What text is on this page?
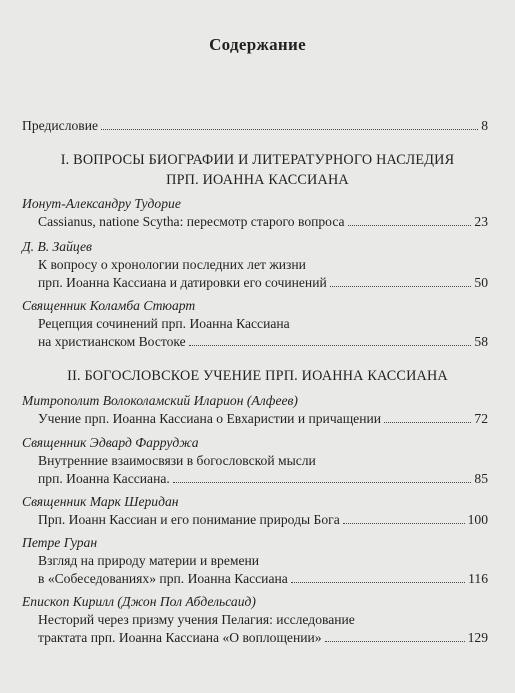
Содержание
Предисловие	8
I. ВОПРОСЫ БИОГРАФИИ И ЛИТЕРАТУРНОГО НАСЛЕДИЯ
ПРП. ИОАННА КАССИАНА
Ионут-Александру Тудорие
Cassianus, natione Scytha: пересмотр старого вопроса	23
Д. В. Зайцев
К вопросу о хронологии последних лет жизни
прп. Иоанна Кассиана и датировки его сочинений	50
Священник Коламба Стюарт
Рецепция сочинений прп. Иоанна Кассиана
на христианском Востоке	58
II. БОГОСЛОВСКОЕ УЧЕНИЕ ПРП. ИОАННА КАССИАНА
Митрополит Волоколамский Иларион (Алфеев)
Учение прп. Иоанна Кассиана о Евхаристии и причащении	72
Священник Эдвард Фарруджа
Внутренние взаимосвязи в богословской мысли
прп. Иоанна Кассиана.	85
Священник Марк Шеридан
Прп. Иоанн Кассиан и его понимание природы Бога	100
Петре Гуран
Взгляд на природу материи и времени
в «Собеседованиях» прп. Иоанна Кассиана	116
Епископ Кирилл (Джон Пол Абдельсаид)
Несторий через призму учения Пелагия: исследование
трактата прп. Иоанна Кассиана «О воплощении»	129
